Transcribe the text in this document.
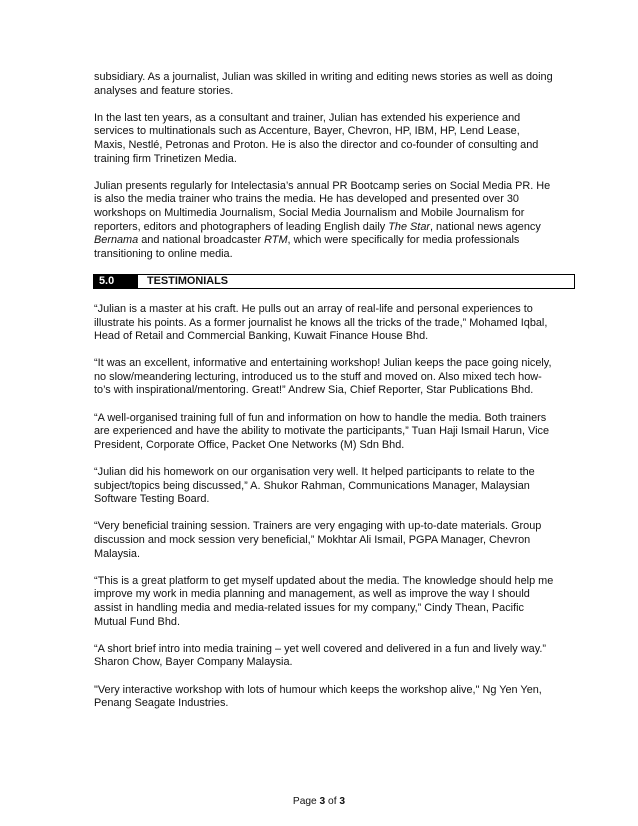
subsidiary. As a journalist, Julian was skilled in writing and editing news stories as well as doing analyses and feature stories.

In the last ten years, as a consultant and trainer, Julian has extended his experience and services to multinationals such as Accenture, Bayer, Chevron, HP, IBM, HP, Lend Lease, Maxis, Nestlé, Petronas and Proton. He is also the director and co-founder of consulting and training firm Trinetizen Media.

Julian presents regularly for Intelectasia’s annual PR Bootcamp series on Social Media PR. He is also the media trainer who trains the media. He has developed and presented over 30 workshops on Multimedia Journalism, Social Media Journalism and Mobile Journalism for reporters, editors and photographers of leading English daily The Star, national news agency Bernama and national broadcaster RTM, which were specifically for media professionals transitioning to online media.

5.0	TESTIMONIALS

“Julian is a master at his craft. He pulls out an array of real-life and personal experiences to illustrate his points. As a former journalist he knows all the tricks of the trade,” Mohamed Iqbal, Head of Retail and Commercial Banking, Kuwait Finance House Bhd.

“It was an excellent, informative and entertaining workshop! Julian keeps the pace going nicely, no slow/meandering lecturing, introduced us to the stuff and moved on. Also mixed tech how-to’s with inspirational/mentoring. Great!” Andrew Sia, Chief Reporter, Star Publications Bhd.

“A well-organised training full of fun and information on how to handle the media. Both trainers are experienced and have the ability to motivate the participants,” Tuan Haji Ismail Harun, Vice President, Corporate Office, Packet One Networks (M) Sdn Bhd.

“Julian did his homework on our organisation very well. It helped participants to relate to the subject/topics being discussed,” A. Shukor Rahman, Communications Manager, Malaysian Software Testing Board.

“Very beneficial training session. Trainers are very engaging with up-to-date materials. Group discussion and mock session very beneficial,” Mokhtar Ali Ismail, PGPA Manager, Chevron Malaysia.

“This is a great platform to get myself updated about the media. The knowledge should help me improve my work in media planning and management, as well as improve the way I should assist in handling media and media-related issues for my company,” Cindy Thean, Pacific Mutual Fund Bhd.

“A short brief intro into media training – yet well covered and delivered in a fun and lively way.” Sharon Chow, Bayer Company Malaysia.

"Very interactive workshop with lots of humour which keeps the workshop alive," Ng Yen Yen, Penang Seagate Industries.

Page 3 of 3
